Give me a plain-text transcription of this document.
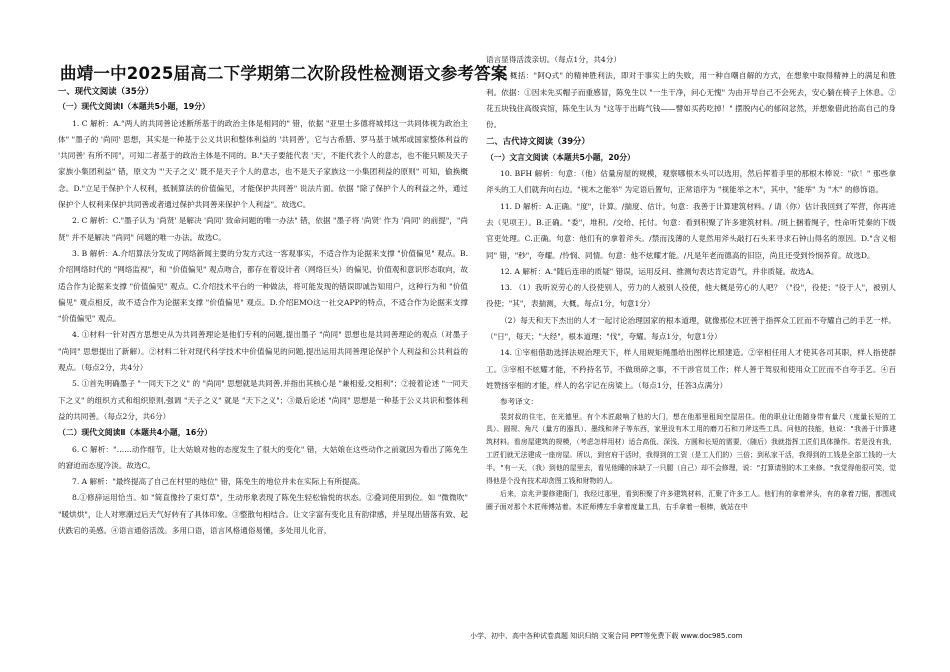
曲靖一中2025届高二下学期第二次阶段性检测语文参考答案
一、现代文阅读（35分）
（一）现代文阅读Ⅰ（本题共5小题，19分）

1. C 解析：A."两人的共同善论述断所基于的政治主体是相同的" 错，依据 "亚里士多德将城邦这一共同体视为政治主体" "墨子的 '尚同' 思想，其实是一种基于公义共识和整体利益的 '共同善'，它与古希腊、罗马基于城邦或国家整体利益的 '共同善' 有所不同"，可知二者基于的政治主体是不同的。B."天子要能代表 '天'，不能代表个人的意志，也不能只顾及天子家族小集团利益" 错，原文为 "'天子之义' 既不是天子个人的意志，也不是天子家族这一小集团利益的原则" 可知，偷换概念。D."立足于保护个人权利，抵制算法的价值偏见，才能保护共同善" 说法片面。依据 "除了保护个人的利益之外，通过保护个人权利来保护共同善或者通过保护共同善来保护个人利益"。故选C。

2. C 解析：C."墨子认为 '尚贤' 是解决 '尚同' 致命问题的唯一办法" 错，依据 "墨子将 '尚贤' 作为 '尚同' 的前提"，"尚贤" 并不是解决 "尚同" 问题的唯一办法。故选C。

3. B 解析：A.介绍算法分发成了网络新闻主要的分发方式这一客观事实，不适合作为论据来支撑 "价值偏见" 观点。B.介绍网络时代的 "网络监视"，和 "价值偏见" 观点吻合，都存在着设计者（网络巨头）的偏见、价值观和意识形态取向，故适合作为论据来支撑 "价值偏见" 观点。C.介绍技术平台的一种做法，将可能发现的错误即诚告知用户，这种行为和 "价值偏见" 观点相反，故不适合作为论据来支撑 "价值偏见" 观点。D.介绍EMO这一社交APP的特点，不适合作为论据来支撑 "价值偏见" 观点。

4. ①材料一针对西方思想史从为共同善理论是他们专利的问题,提出墨子 "尚同" 思想也是共同善理论的观点（对墨子 "尚同" 思想提出了新解）。②材料二针对现代科学技术中价值偏见的问题,提出运用共同善理论保护个人利益和公共利益的观点。（每点2分，共4分）

5. ①首先明确墨子 "一同天下之义" 的 "尚同" 思想就是共同善,并指出其核心是 "兼相爱,交相利"；②接着论述 "一同天下之义" 的组织方式和组织原则,强调 "天子之义" 就是 "天下之义"；③最后论述 "尚同" 思想是一种基于公义共识和整体利益的共同善。（每点2分，共6分）

（二）现代文阅读Ⅱ（本题共4小题，16分）

6. C 解析："……动作细节，让大姑娘对他的态度发生了很大的变化" 错，大姑娘在这些动作之前就因为看出了陈免生的窘迫而态度冷淡。故选C。

7. A 解析："最终提高了自己在村里的地位" 错，陈免生的地位并未在实际上有所提高。

8.①修辞运用恰当。如 "简直像拎了束灯草"，生动形象表现了陈免生轻松愉悦的状态。②叠词使用到位。如 "微微吹" "暖烘烘"，让人对寒潮过后天气好转有了具体印象。③整散句相结合。让文字富有变化且有韵律感，并呈现出错落有致、起伏跌宕的美感。④语言通俗活泼。多用口语，语言风格通俗易懂，多处用儿化音，

语言显得活泼亲切。（每点1分，共4分）

9. 概括："阿Q式" 的精神胜利法，即对于事实上的失败，用一种自嘲自解的方式，在想象中取得精神上的满足和胜利。依据：①因未先买帽子而重感冒，陈免生以 "一生干净，问心无愧" 为由开导自己不会死去，安心躺在椅子上休息。②花五块钱住高级宾馆，陈免生认为 "这等于出晦气钱——譬如买药吃掉！" 摆脱内心的郁闷忿然，并想象借此抬高自己的身份。

二、古代诗文阅读（39分）
（一）文言文阅读（本题共5小题，20分）

10. BFH 解析：句意：（他）估量房屋的规模，观察哪根木头可以选用，然后挥着手里的那根木棒说："砍！" 那些拿斧头的工人们就奔向右边。"视木之能举" 为定语后置句，正常语序为 "视能举之木"，其中，"能举" 为 "木" 的修饰语。

11. D 解析：A.正确。"度"，计算。/揣度、估计。句意：我善于计算建筑材料。/ 请（你）估计我回到了军营，你再进去（见项王）。B.正确。"委"，堆积。/交给、托付。句意：看到积聚了许多建筑材料。/斑上捆着绳子，性命听凭秦的下级官吏处理。C.正确。句意：他们有的拿着斧头。/禁而浅薄的人竟然用斧头敲打石头来寻求石钟山得名的原因。D."含义相同" 错，"秒"，夸耀。/怜悯、同情。句意：他不炫耀才能。/凡是年老而德高的旧臣，尚且还受到怜悯养育。故选D。

12. A 解析：A."随后连串的质疑" 错误，运用反问、推测句表达肯定语气，并非质疑。故选A。

13. （1）我听说劳心的人役使别人，劳力的人被别人役使，他大概是劳心的人吧？（"役"，役使；"役于人"，被别人役使；"其"，表揣测，大概。每点1分，句意1分）

（2）每天和天下杰出的人才一起讨论治理国家的根本道理，就像那位木匠善于指挥众工匠而不夸耀自己的手艺一样。（"日"，每天；"大经"，根本道理；"伐"，夸耀。每点1分，句意1分）

14. ①宰相借助选择法规治理天下，样人用规矩绳墨给出图样比照建造。②宰相任用人才使其各司其职，样人指使群工。③宰相不炫耀才能，不矜持名节，不做琐碎之事，不干涉官员工作；样人善于驾驭和使用众工匠而不自夸手艺。④百姓赞扬宰相的才能，样人的名字记在房梁上。（每点1分，任答3点满分）

参考译文：

裴封叔的住宅，在光德里。有个木匠敲响了他的大门，想在他那里租间空屋居住。他的职业让他随身带有量尺（度量长短的工具）、圆规、角尺（量方的器具）、墨线和斧子等东西，家里没有木工用的磨刀石和刀斧这些工具。问他的技能，他说："我善于计算建筑材料。看房屋建筑的规模，（考虑怎样用材）适合高低、深浅、方圆和长短的需要，（随后）我就指挥工匠们具体操作。若是没有我，工匠们就无法建成一座房屋。所以，到官府干活时，我得到的工资（是工人们的）三倍；到私家干活，我得到的工钱是全部工钱的一大半。"有一天，（我）到他的屋里去，看见他睡的床缺了一只腿（自己）却不会修理，说："打算请别的木工来修。"我觉得他很可笑，觉得他是个没有技术却贪图工钱和财物的人。

后来，京兆尹要修建衙门，我经过那里，看到积聚了许多建筑材料，汇聚了许多工人。他们有的拿着斧头，有的拿着刀锯，都围成圈子面对那个木匠师傅站着。木匠师傅左手拿着度量工具，右手拿着一根棒，就站在中

小学、初中、高中各种试卷真题 知识归纳 文案合同 PPT等免费下载 www.doc985.com
